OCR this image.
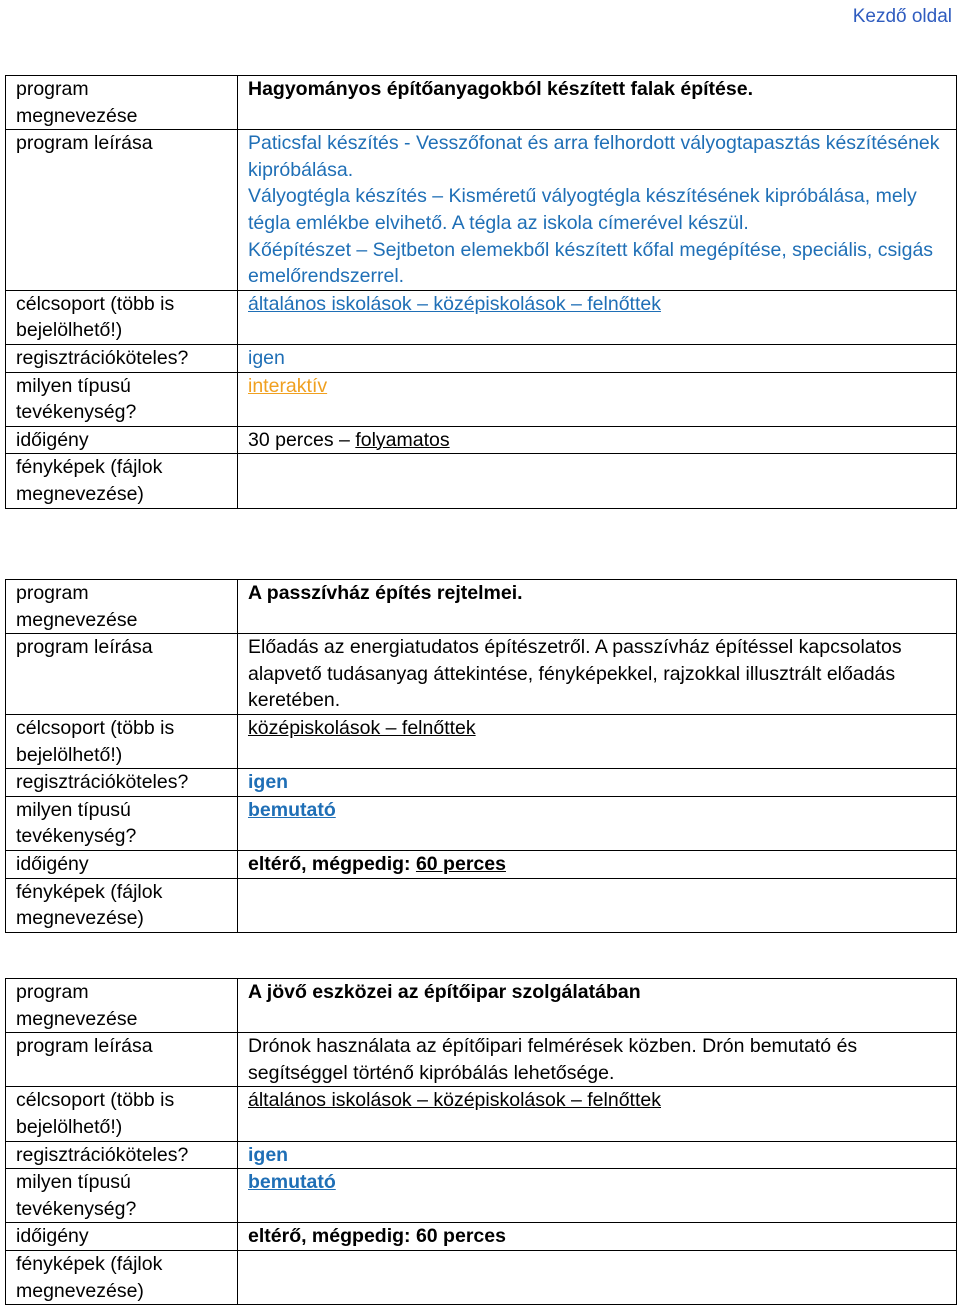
Kezdő oldal
program
megnevezése	Hagyományos építőanyagokból készített falak építése.

program leírása	Paticsfal készítés - Vesszőfonat és arra felhordott vályogtapasztás készítésének kipróbálása.
Vályogtégla készítés – Kisméretű vályogtégla készítésének kipróbálása, mely tégla emlékbe elvihető. A tégla az iskola címerével készül.
Kőépítészet – Sejtbeton elemekből készített kőfal megépítése, speciális, csigás emelőrendszerrel.

célcsoport (több is
bejelölhető!)	általános iskolások – középiskolások – felnőttek

regisztrációköteles?	igen

milyen típusú
tevékenység?	interaktív

időigény	30 perces – folyamatos

fényképek (fájlok
megnevezése)	

program
megnevezése	A passzívház építés rejtelmei.

program leírása	Előadás az energiatudatos építészetről. A passzívház építéssel kapcsolatos alapvető tudásanyag áttekintése, fényképekkel, rajzokkal illusztrált előadás keretében.

célcsoport (több is
bejelölhető!)	középiskolások – felnőttek

regisztrációköteles?	igen

milyen típusú
tevékenység?	bemutató

időigény	eltérő, mégpedig: 60 perces

fényképek (fájlok
megnevezése)	

program
megnevezése	A jövő eszközei az építőipar szolgálatában

program leírása	Drónok használata az építőipari felmérések közben. Drón bemutató és segítséggel történő kipróbálás lehetősége.

célcsoport (több is
bejelölhető!)	általános iskolások – középiskolások – felnőttek

regisztrációköteles?	igen

milyen típusú
tevékenység?	bemutató

időigény	eltérő, mégpedig: 60 perces

fényképek (fájlok
megnevezése)	
